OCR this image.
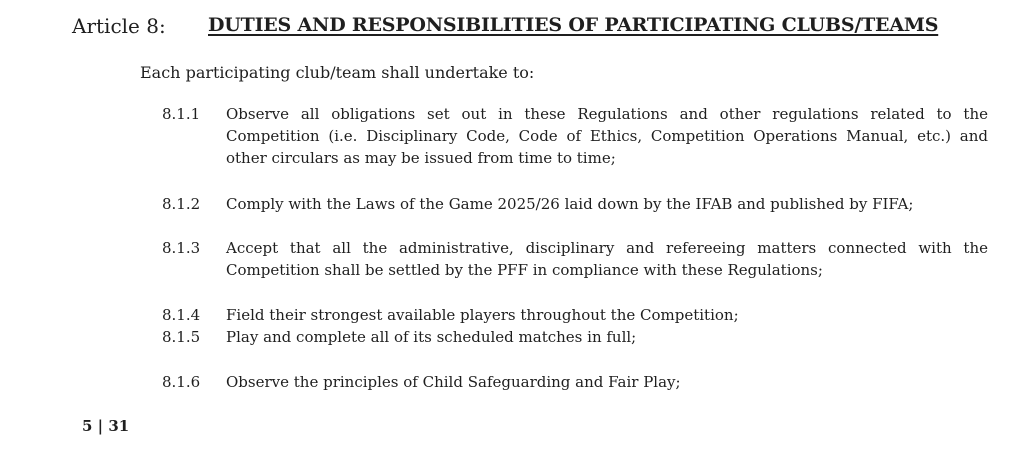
Article 8: DUTIES AND RESPONSIBILITIES OF PARTICIPATING CLUBS/TEAMS
Each participating club/team shall undertake to:
8.1.1	Observe all obligations set out in these Regulations and other regulations related to the
Competition (i.e. Disciplinary Code, Code of Ethics, Competition Operations Manual, etc.) and
other circulars as may be issued from time to time;
8.1.2	Comply with the Laws of the Game 2025/26 laid down by the IFAB and published by FIFA;
8.1.3	Accept that all the administrative, disciplinary and refereeing matters connected with the
Competition shall be settled by the PFF in compliance with these Regulations;
8.1.4	Field their strongest available players throughout the Competition;
8.1.5	Play and complete all of its scheduled matches in full;
8.1.6	Observe the principles of Child Safeguarding and Fair Play;
5 | 31
